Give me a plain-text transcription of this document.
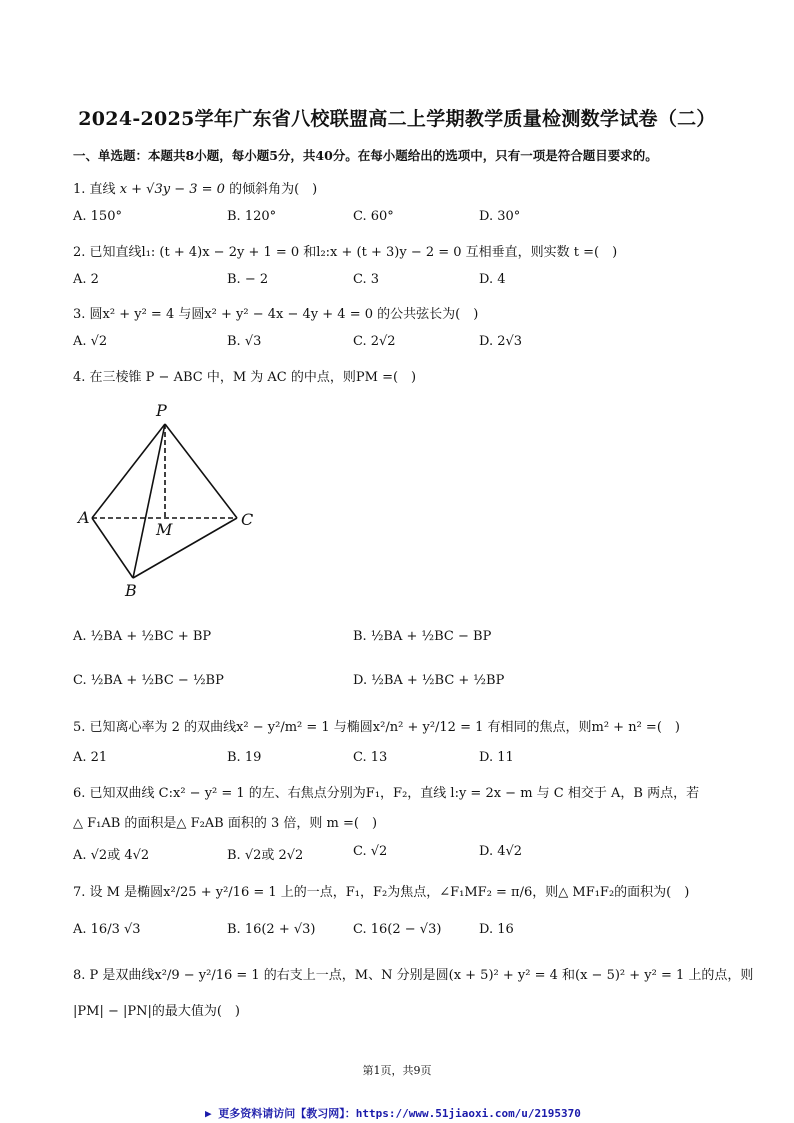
2024-2025学年广东省八校联盟高二上学期教学质量检测数学试卷（二）
一、单选题：本题共8小题，每小题5分，共40分。在每小题给出的选项中，只有一项是符合题目要求的。
1. 直线 x + √3y − 3 = 0 的倾斜角为(　)
A. 150°	B. 120°	C. 60°	D. 30°
2. 已知直线l₁: (t + 4)x − 2y + 1 = 0 和l₂:x + (t + 3)y − 2 = 0 互相垂直，则实数 t =(　)
A. 2	B. − 2	C. 3	D. 4
3. 圆x² + y² = 4 与圆x² + y² − 4x − 4y + 4 = 0 的公共弦长为(　)
A. √2	B. √3	C. 2√2	D. 2√3
4. 在三棱锥 P − ABC 中，M 为 AC 的中点，则PM =(　)
P
A	C
M
B
A. ½BA + ½BC + BP	B. ½BA + ½BC − BP
C. ½BA + ½BC − ½BP	D. ½BA + ½BC + ½BP
5. 已知离心率为 2 的双曲线x² − y²/m² = 1 与椭圆x²/n² + y²/12 = 1 有相同的焦点，则m² + n² =(　)
A. 21	B. 19	C. 13	D. 11
6. 已知双曲线 C:x² − y² = 1 的左、右焦点分别为F₁，F₂，直线 l:y = 2x − m 与 C 相交于 A，B 两点，若
△ F₁AB 的面积是△ F₂AB 面积的 3 倍，则 m =(　)
A. √2或 4√2	B. √2或 2√2	C. √2	D. 4√2
7. 设 M 是椭圆x²/25 + y²/16 = 1 上的一点，F₁，F₂为焦点，∠F₁MF₂ = π/6，则△ MF₁F₂的面积为(　)
A. 16/3 √3	B. 16(2 + √3)	C. 16(2 − √3)	D. 16
8. P 是双曲线x²/9 − y²/16 = 1 的右支上一点，M、N 分别是圆(x + 5)² + y² = 4 和(x − 5)² + y² = 1 上的点，则
|PM| − |PN|的最大值为(　)
第1页，共9页
▶ 更多资料请访问【教习网】：https://www.51jiaoxi.com/u/2195370
